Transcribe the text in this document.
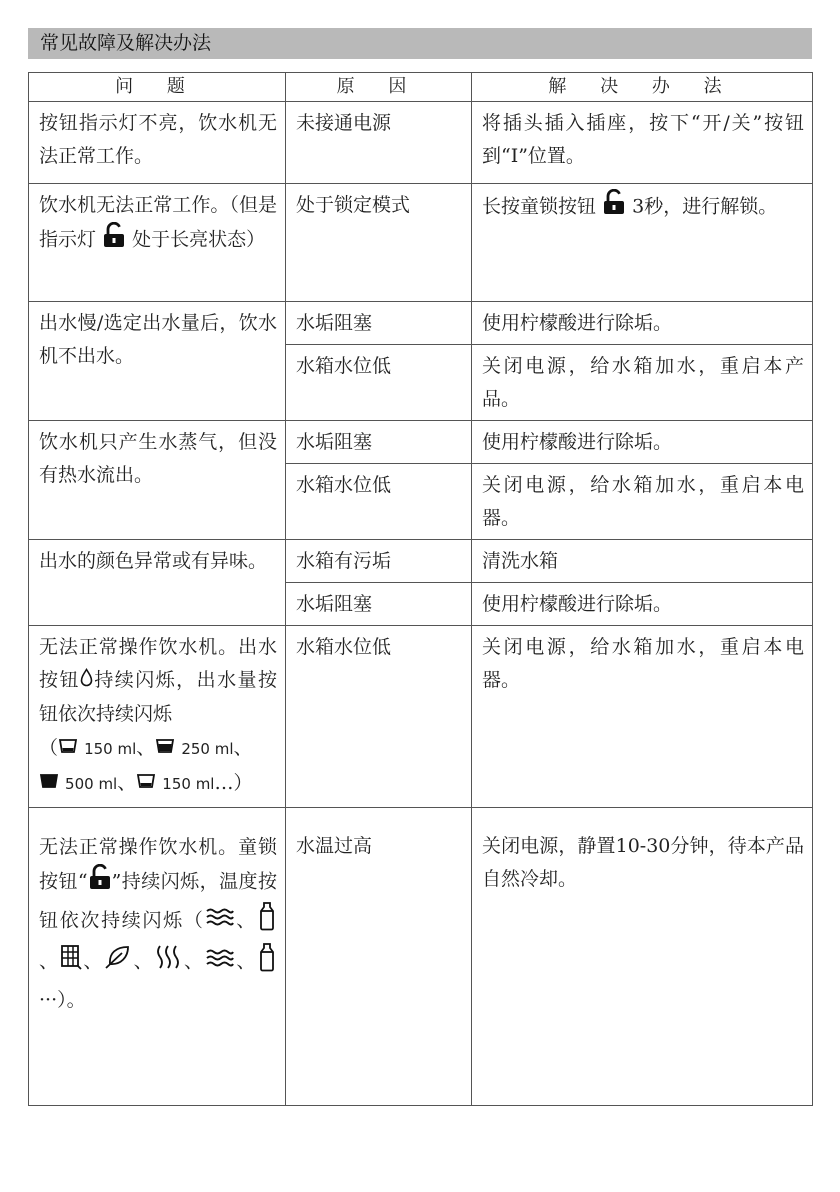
常见故障及解决办法
问 题	原 因	解 决 办 法
按钮指示灯不亮，饮水机无法正常工作。	未接通电源	将插头插入插座，按下“开/关”按钮到“I”位置。
饮水机无法正常工作。（但是指示灯 处于长亮状态）	处于锁定模式	长按童锁按钮 3秒，进行解锁。
出水慢/选定出水量后，饮水机不出水。	水垢阻塞	使用柠檬酸进行除垢。
	水箱水位低	关闭电源，给水箱加水，重启本产品。
饮水机只产生水蒸气，但没有热水流出。	水垢阻塞	使用柠檬酸进行除垢。
	水箱水位低	关闭电源，给水箱加水，重启本电器。
出水的颜色异常或有异味。	水箱有污垢	清洗水箱
	水垢阻塞	使用柠檬酸进行除垢。
无法正常操作饮水机。出水按钮 持续闪烁，出水量按钮依次持续闪烁
（ 150 ml、 250 ml、
500 ml、 150 ml…）	水箱水位低	关闭电源，给水箱加水，重启本电器。
无法正常操作饮水机。童锁按钮“ ”持续闪烁，温度按钮依次持续闪烁（ 、、 、 、 、 、 ···）。	水温过高	关闭电源，静置10-30分钟，待本产品自然冷却。
